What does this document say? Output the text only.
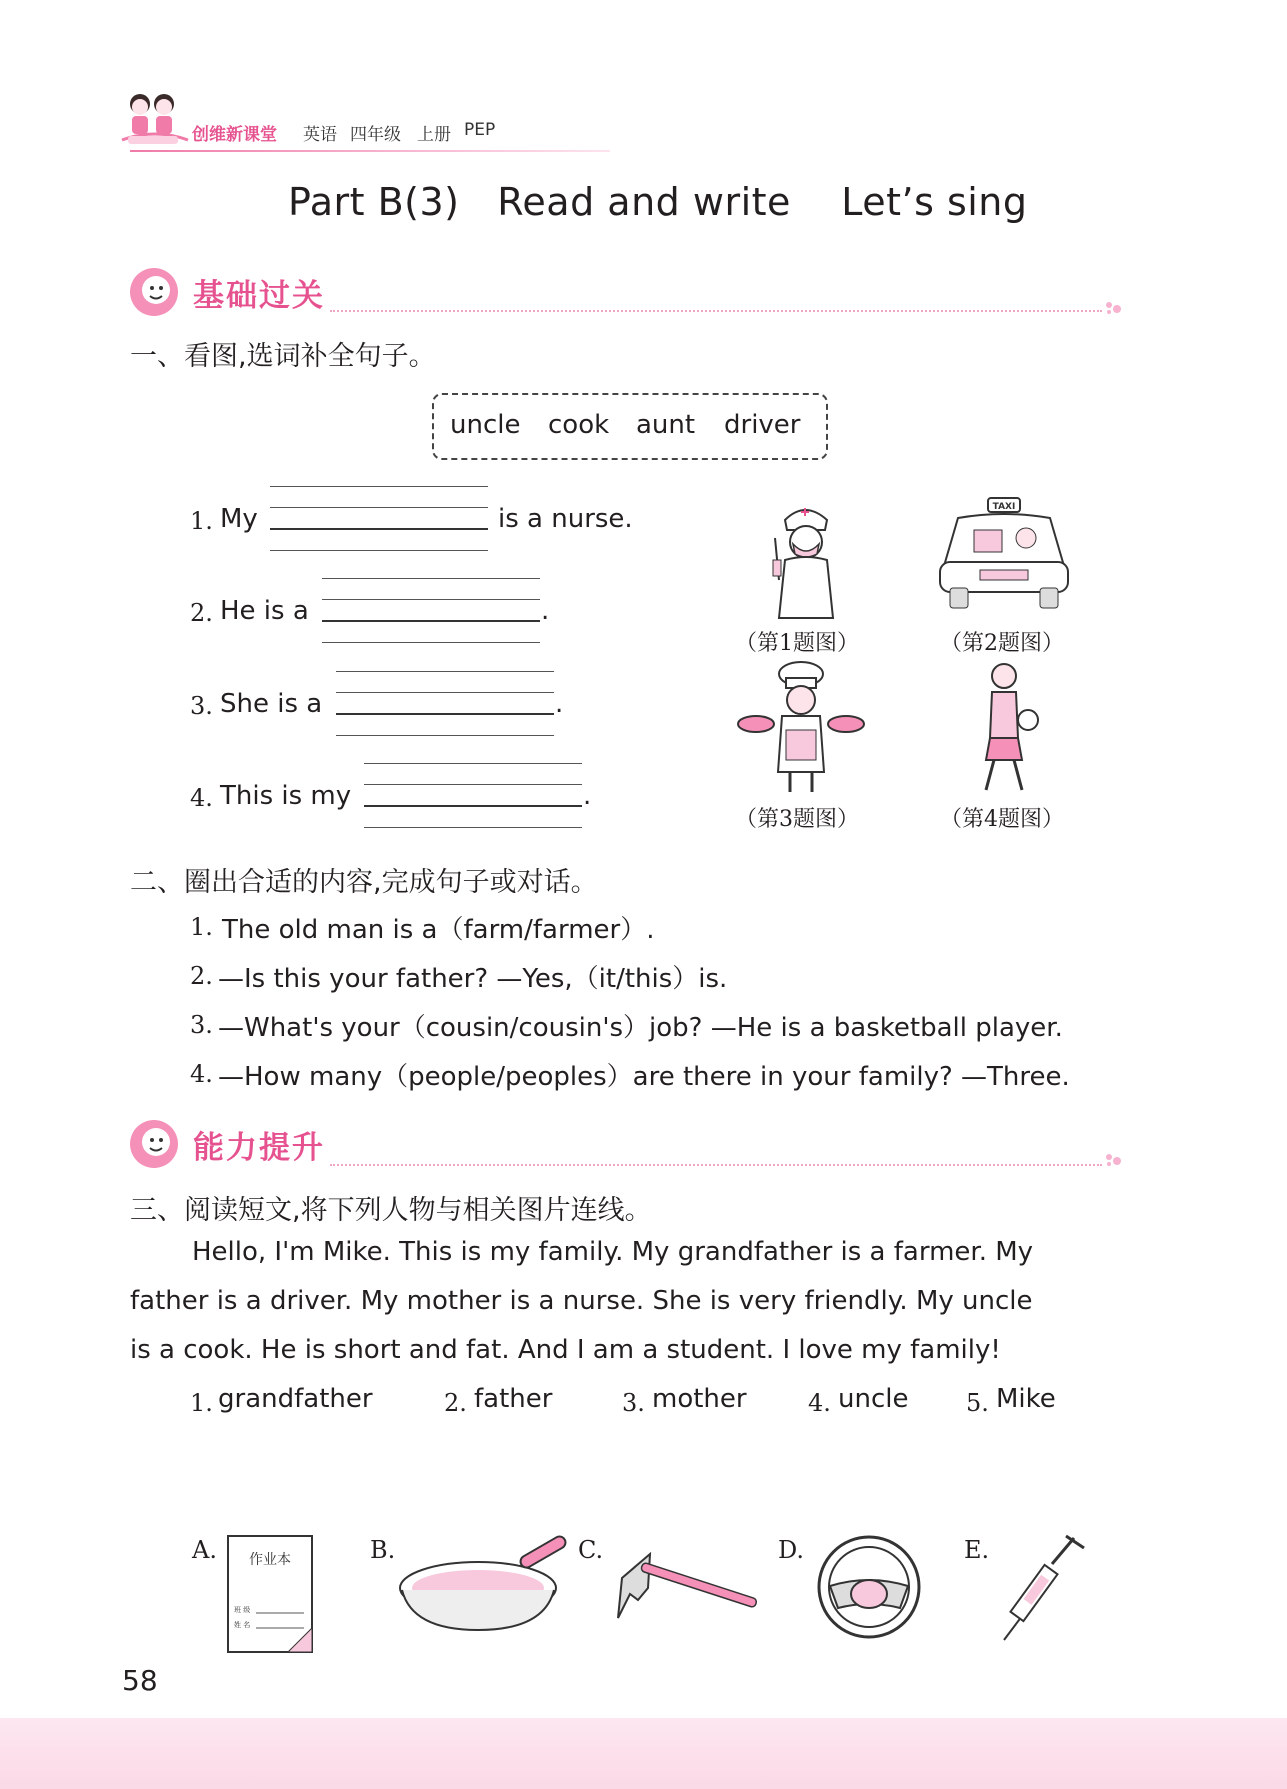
创维新课堂 英语 四年级 上册 PEP
Part B(3)   Read and write    Let’s sing
基础过关
一、看图,选词补全句子。
uncle cook aunt driver
1. My	is a nurse.
2. He is a	.
3. She is a	.
4. This is my	.
TAXI
（第1题图）	（第2题图）
（第3题图）	（第4题图）
二、圈出合适的内容,完成句子或对话。
1. The old man is a（farm/farmer）.
2. —Is this your father? —Yes,（it/this）is.
3. —What's your（cousin/cousin's）job? —He is a basketball player.
4. —How many（people/peoples）are there in your family? —Three.
能力提升
三、阅读短文,将下列人物与相关图片连线。
Hello, I'm Mike. This is my family. My grandfather is a farmer. My
father is a driver. My mother is a nurse. She is very friendly. My uncle
is a cook. He is short and fat. And I am a student. I love my family!
1. grandfather	2. father	3. mother	4. uncle 5. Mike
A. 作业本
班 级
姓 名
B.	C.	D.	E.
58
